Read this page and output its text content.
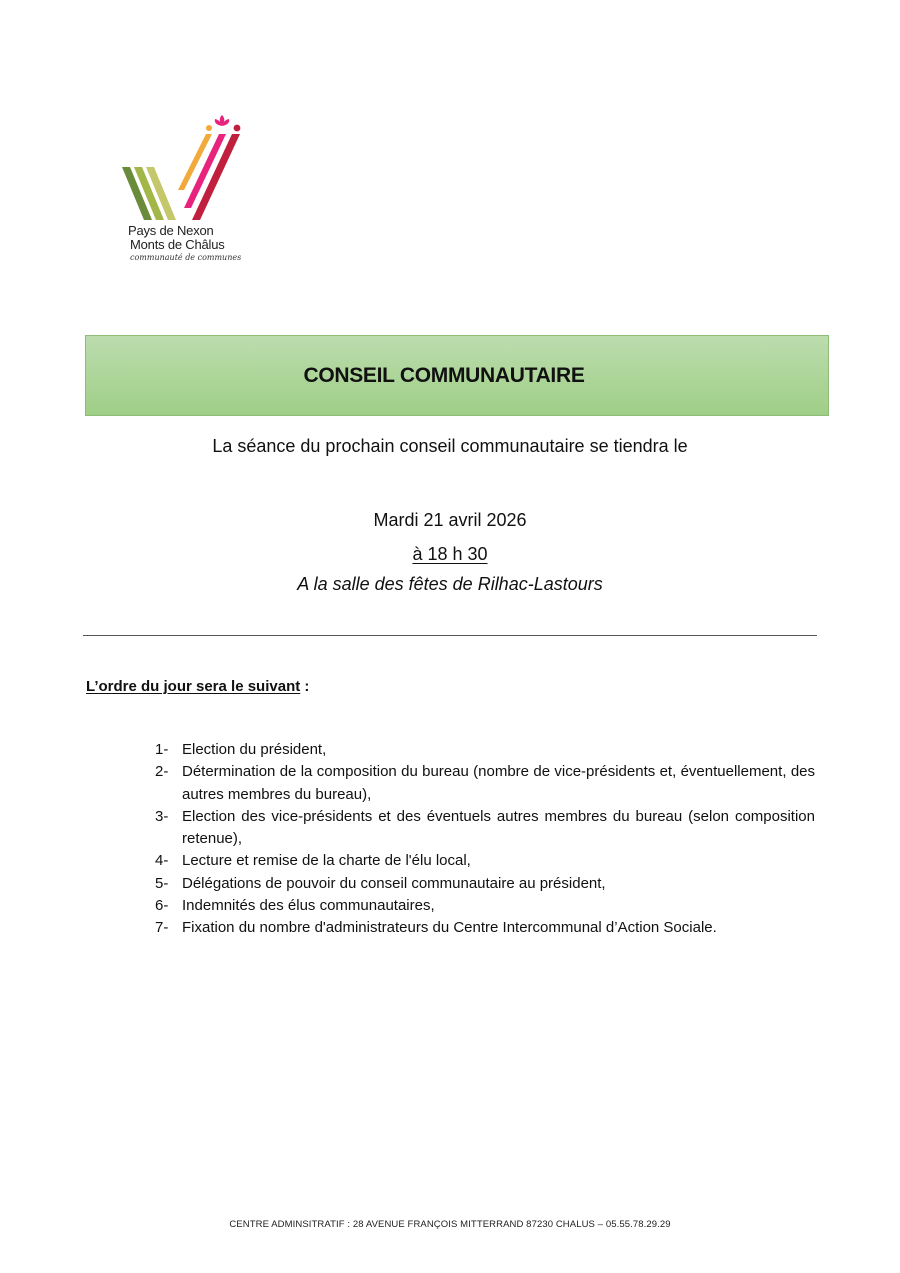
Pays de Nexon
Monts de Châlus
communauté de communes
CONSEIL COMMUNAUTAIRE
La séance du prochain conseil communautaire se tiendra le
Mardi 21 avril 2026
à 18 h 30
A la salle des fêtes de Rilhac-Lastours
L’ordre du jour sera le suivant :
1- Election du président,
2- Détermination de la composition du bureau (nombre de vice-présidents et, éventuellement, des autres membres du bureau),
3- Election des vice-présidents et des éventuels autres membres du bureau (selon composition retenue),
4- Lecture et remise de la charte de l'élu local,
5- Délégations de pouvoir du conseil communautaire au président,
6- Indemnités des élus communautaires,
7- Fixation du nombre d'administrateurs du Centre Intercommunal d’Action Sociale.
CENTRE ADMINSITRATIF : 28 AVENUE FRANÇOIS MITTERRAND 87230 CHALUS – 05.55.78.29.29
